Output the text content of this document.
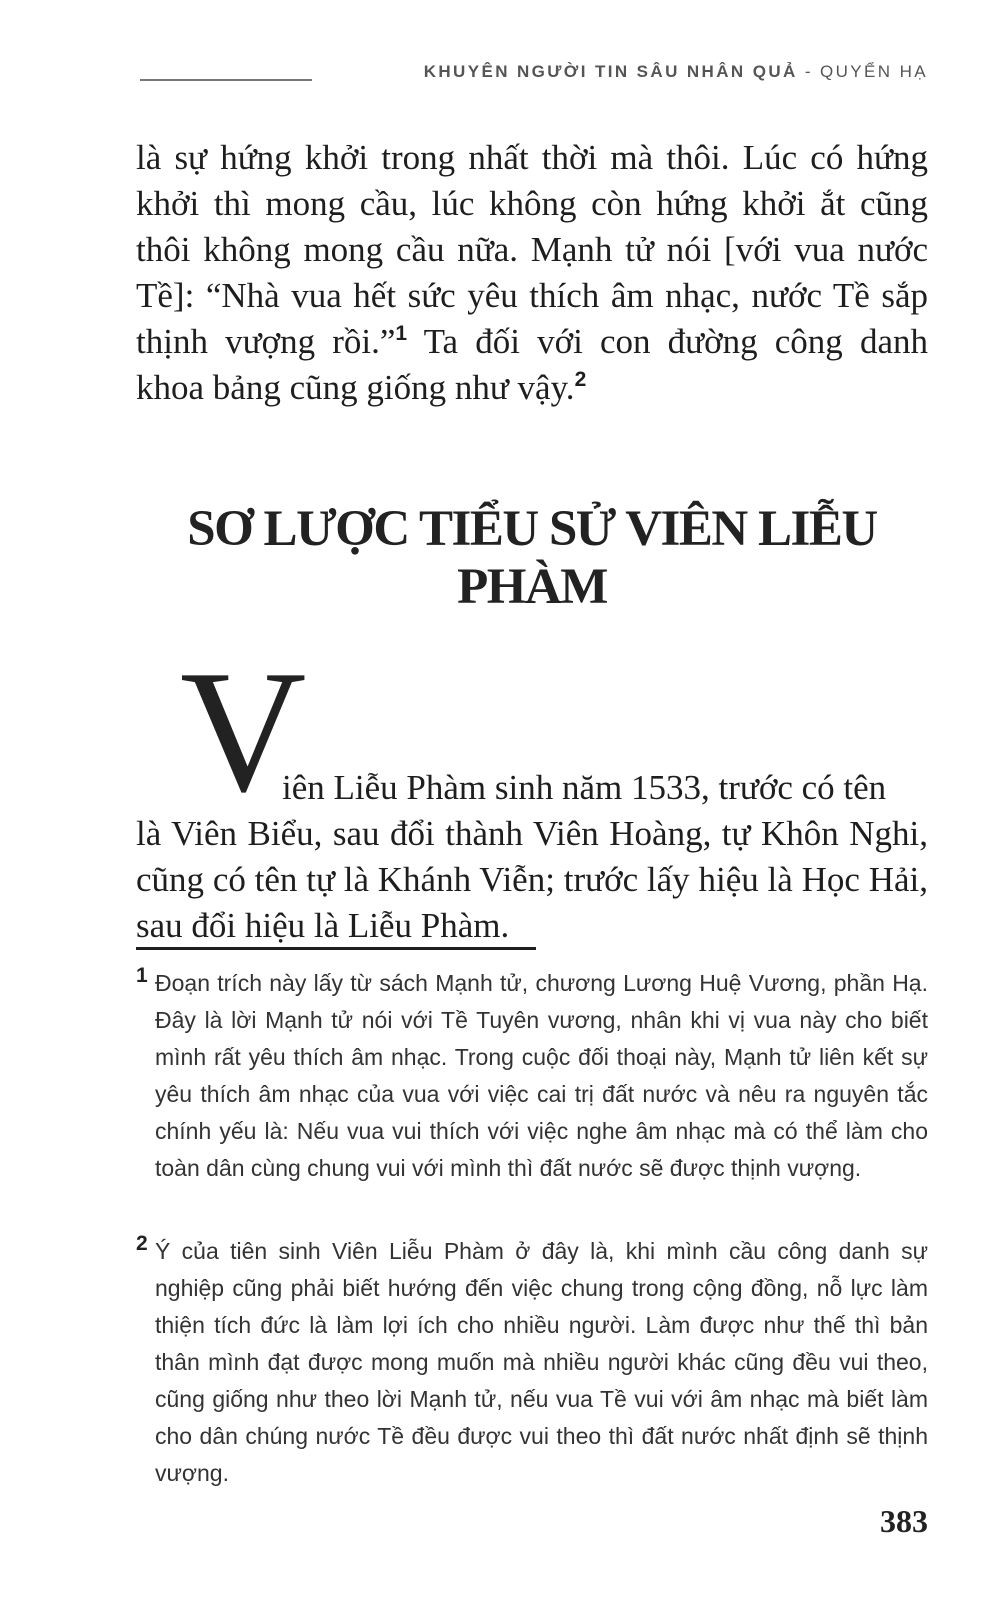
KHUYÊN NGƯỜI TIN SÂU NHÂN QUẢ - QUYỂN HẠ

là sự hứng khởi trong nhất thời mà thôi. Lúc có hứng khởi thì mong cầu, lúc không còn hứng khởi ắt cũng thôi không mong cầu nữa. Mạnh tử nói [với vua nước Tề]: “Nhà vua hết sức yêu thích âm nhạc, nước Tề sắp thịnh vượng rồi.”$^1$ Ta đối với con đường công danh khoa bảng cũng giống như vậy.$^2$

SƠ LƯỢC TIỂU SỬ VIÊN LIỄU
PHÀM
V

iên Liễu Phàm sinh năm 1533, trước có tên

là Viên Biểu, sau đổi thành Viên Hoàng, tự Khôn Nghi, cũng có tên tự là Khánh Viễn; trước lấy hiệu là Học Hải, sau đổi hiệu là Liễu Phàm.

1 Đoạn trích này lấy từ sách Mạnh tử, chương Lương Huệ Vương, phần Hạ. Đây là lời Mạnh tử nói với Tề Tuyên vương, nhân khi vị vua này cho biết mình rất yêu thích âm nhạc. Trong cuộc đối thoại này, Mạnh tử liên kết sự yêu thích âm nhạc của vua với việc cai trị đất nước và nêu ra nguyên tắc chính yếu là: Nếu vua vui thích với việc nghe âm nhạc mà có thể làm cho toàn dân cùng chung vui với mình thì đất nước sẽ được thịnh vượng.
2 Ý của tiên sinh Viên Liễu Phàm ở đây là, khi mình cầu công danh sự nghiệp cũng phải biết hướng đến việc chung trong cộng đồng, nỗ lực làm thiện tích đức là làm lợi ích cho nhiều người. Làm được như thế thì bản thân mình đạt được mong muốn mà nhiều người khác cũng đều vui theo, cũng giống như theo lời Mạnh tử, nếu vua Tề vui với âm nhạc mà biết làm cho dân chúng nước Tề đều được vui theo thì đất nước nhất định sẽ thịnh vượng.
383
